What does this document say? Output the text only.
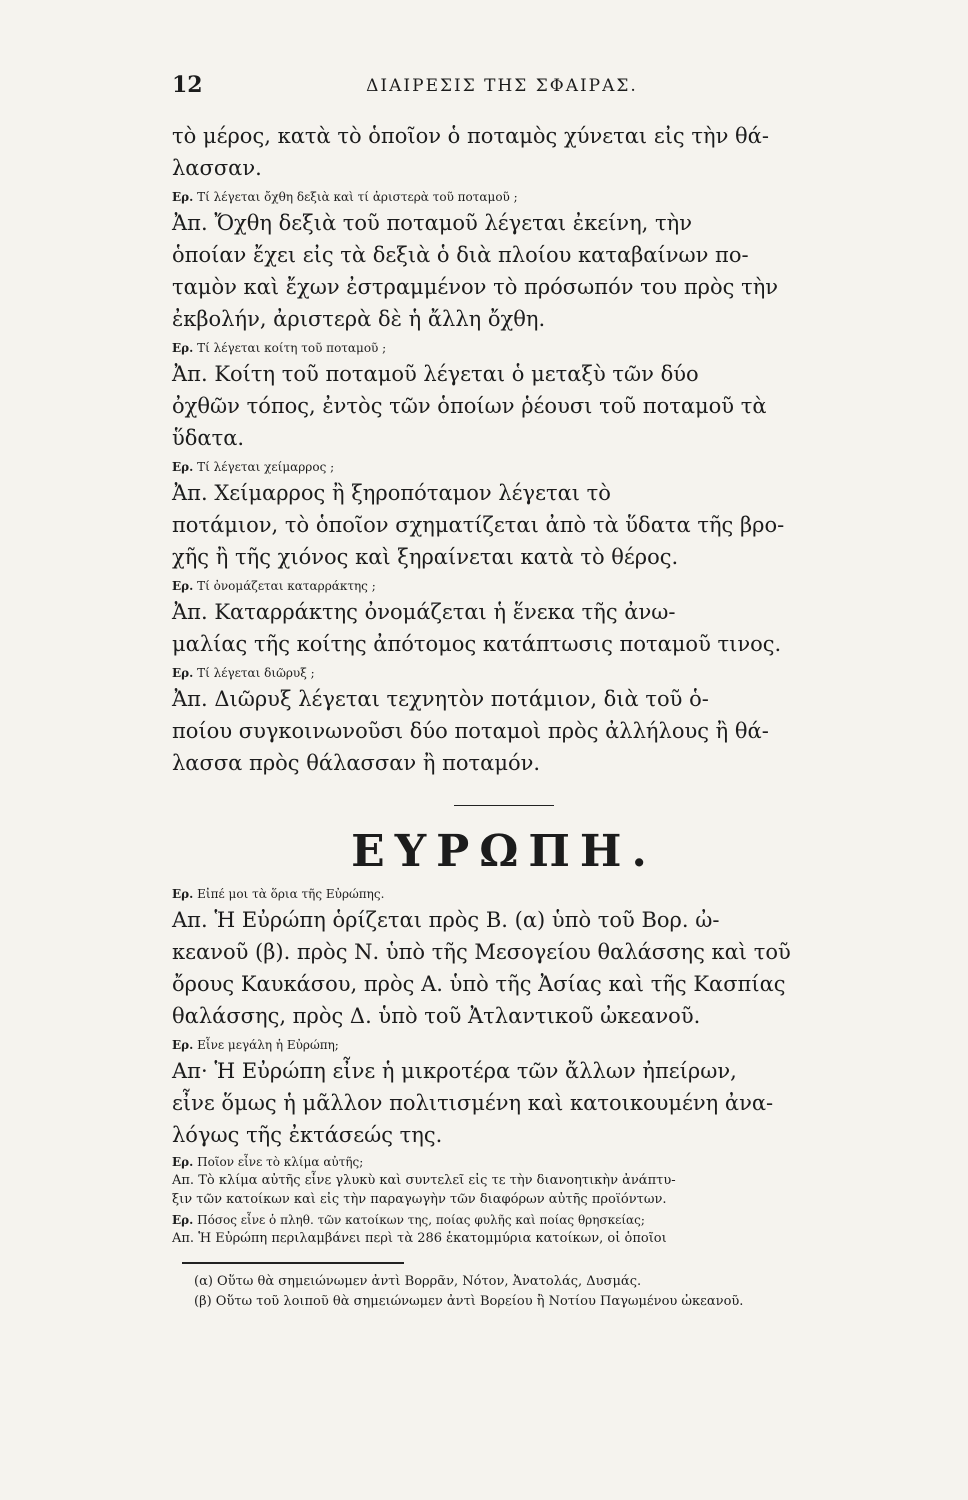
12	ΔΙΑΙΡΕΣΙΣ ΤΗΣ ΣΦΑΙΡΑΣ.

τὸ μέρος, κατὰ τὸ ὁποῖον ὁ ποταμὸς χύνεται εἰς τὴν θά-

λασσαν.

Ερ. Τί λέγεται ὄχθη δεξιὰ καὶ τί ἀριστερὰ τοῦ ποταμοῦ ;

Ἀπ. Ὄχθη δεξιὰ τοῦ ποταμοῦ λέγεται ἐκείνη, τὴν

ὁποίαν ἔχει εἰς τὰ δεξιὰ ὁ διὰ πλοίου καταβαίνων πο-

ταμὸν καὶ ἔχων ἐστραμμένον τὸ πρόσωπόν του πρὸς τὴν

ἐκβολήν, ἀριστερὰ δὲ ἡ ἄλλη ὄχθη.

Ερ. Τί λέγεται κοίτη τοῦ ποταμοῦ ;

Ἀπ. Κοίτη τοῦ ποταμοῦ λέγεται ὁ μεταξὺ τῶν δύο

ὀχθῶν τόπος, ἐντὸς τῶν ὁποίων ῥέουσι τοῦ ποταμοῦ τὰ

ὕδατα.

Ερ. Τί λέγεται χείμαρρος ;

Ἀπ. Χείμαρρος ἢ ξηροπόταμον λέγεται τὸ

ποτάμιον, τὸ ὁποῖον σχηματίζεται ἀπὸ τὰ ὕδατα τῆς βρο-

χῆς ἢ τῆς χιόνος καὶ ξηραίνεται κατὰ τὸ θέρος.

Ερ. Τί ὀνομάζεται καταρράκτης ;

Ἀπ. Καταρράκτης ὀνομάζεται ἡ ἕνεκα τῆς ἀνω-

μαλίας τῆς κοίτης ἀπότομος κατάπτωσις ποταμοῦ τινος.

Ερ. Τί λέγεται διῶρυξ ;

Ἀπ. Διῶρυξ λέγεται τεχνητὸν ποτάμιον, διὰ τοῦ ὁ-

ποίου συγκοινωνοῦσι δύο ποταμοὶ πρὸς ἀλλήλους ἢ θά-

λασσα πρὸς θάλασσαν ἢ ποταμόν.

ΕΥΡΩΠΗ.

Ερ. Εἰπέ μοι τὰ ὅρια τῆς Εὐρώπης.

Απ. Ἡ Εὐρώπη ὁρίζεται πρὸς Β. (α) ὑπὸ τοῦ Βορ. ὠ-

κεανοῦ (β). πρὸς Ν. ὑπὸ τῆς Μεσογείου θαλάσσης καὶ τοῦ

ὄρους Καυκάσου, πρὸς Α. ὑπὸ τῆς Ἀσίας καὶ τῆς Κασπίας

θαλάσσης, πρὸς Δ. ὑπὸ τοῦ Ἀτλαντικοῦ ὠκεανοῦ.

Ερ. Εἶνε μεγάλη ἡ Εὐρώπη;

Απ· Ἡ Εὐρώπη εἶνε ἡ μικροτέρα τῶν ἄλλων ἠπείρων,

εἶνε ὅμως ἡ μᾶλλον πολιτισμένη καὶ κατοικουμένη ἀνα-

λόγως τῆς ἐκτάσεώς της.

Ερ. Ποῖον εἶνε τὸ κλίμα αὐτῆς;

Απ. Τὸ κλίμα αὐτῆς εἶνε γλυκὺ καὶ συντελεῖ εἰς τε τὴν διανοητικὴν ἀνάπτυ-

ξιν τῶν κατοίκων καὶ εἰς τὴν παραγωγὴν τῶν διαφόρων αὐτῆς προϊόντων.

Ερ. Πόσος εἶνε ὁ πληθ. τῶν κατοίκων της, ποίας φυλῆς καὶ ποίας θρησκείας;

Απ. Ἡ Εὐρώπη περιλαμβάνει περὶ τὰ 286 ἑκατομμύρια κατοίκων, οἱ ὁποῖοι

(α) Οὕτω θὰ σημειώνωμεν ἀντὶ Βορρᾶν, Νότον, Ἀνατολάς, Δυσμάς.

(β) Οὕτω τοῦ λοιποῦ θὰ σημειώνωμεν ἀντὶ Βορείου ἢ Νοτίου Παγωμένου ὠκεανοῦ.
